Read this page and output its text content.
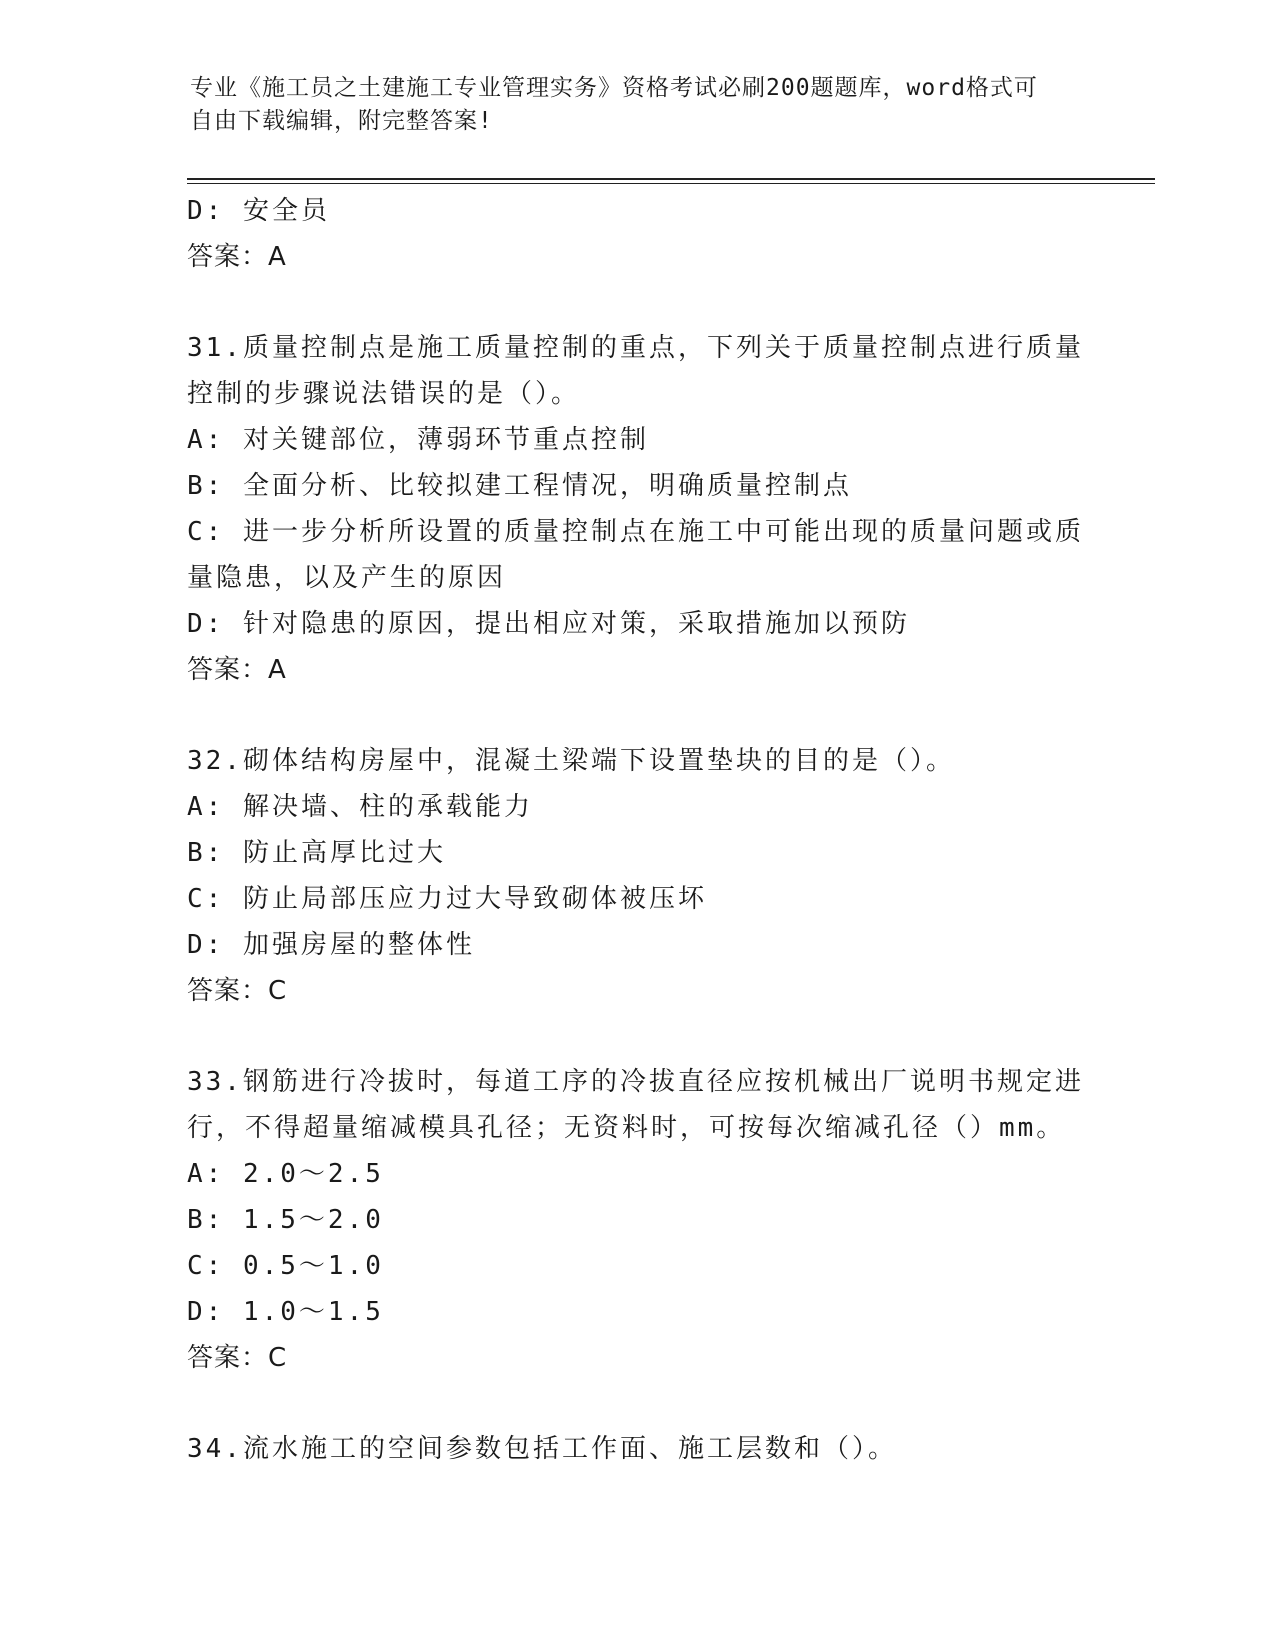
专业《施工员之土建施工专业管理实务》资格考试必刷200题题库，word格式可
自由下载编辑，附完整答案!
D: 安全员
答案：A
31.质量控制点是施工质量控制的重点，下列关于质量控制点进行质量
控制的步骤说法错误的是（）。
A: 对关键部位，薄弱环节重点控制
B: 全面分析、比较拟建工程情况，明确质量控制点
C: 进一步分析所设置的质量控制点在施工中可能出现的质量问题或质
量隐患，以及产生的原因
D: 针对隐患的原因，提出相应对策，采取措施加以预防
答案：A
32.砌体结构房屋中，混凝土梁端下设置垫块的目的是（）。
A: 解决墙、柱的承载能力
B: 防止高厚比过大
C: 防止局部压应力过大导致砌体被压坏
D: 加强房屋的整体性
答案：C
33.钢筋进行冷拔时，每道工序的冷拔直径应按机械出厂说明书规定进
行，不得超量缩减模具孔径；无资料时，可按每次缩减孔径（）mm。
A: 2.0～2.5
B: 1.5～2.0
C: 0.5～1.0
D: 1.0～1.5
答案：C
34.流水施工的空间参数包括工作面、施工层数和（）。
